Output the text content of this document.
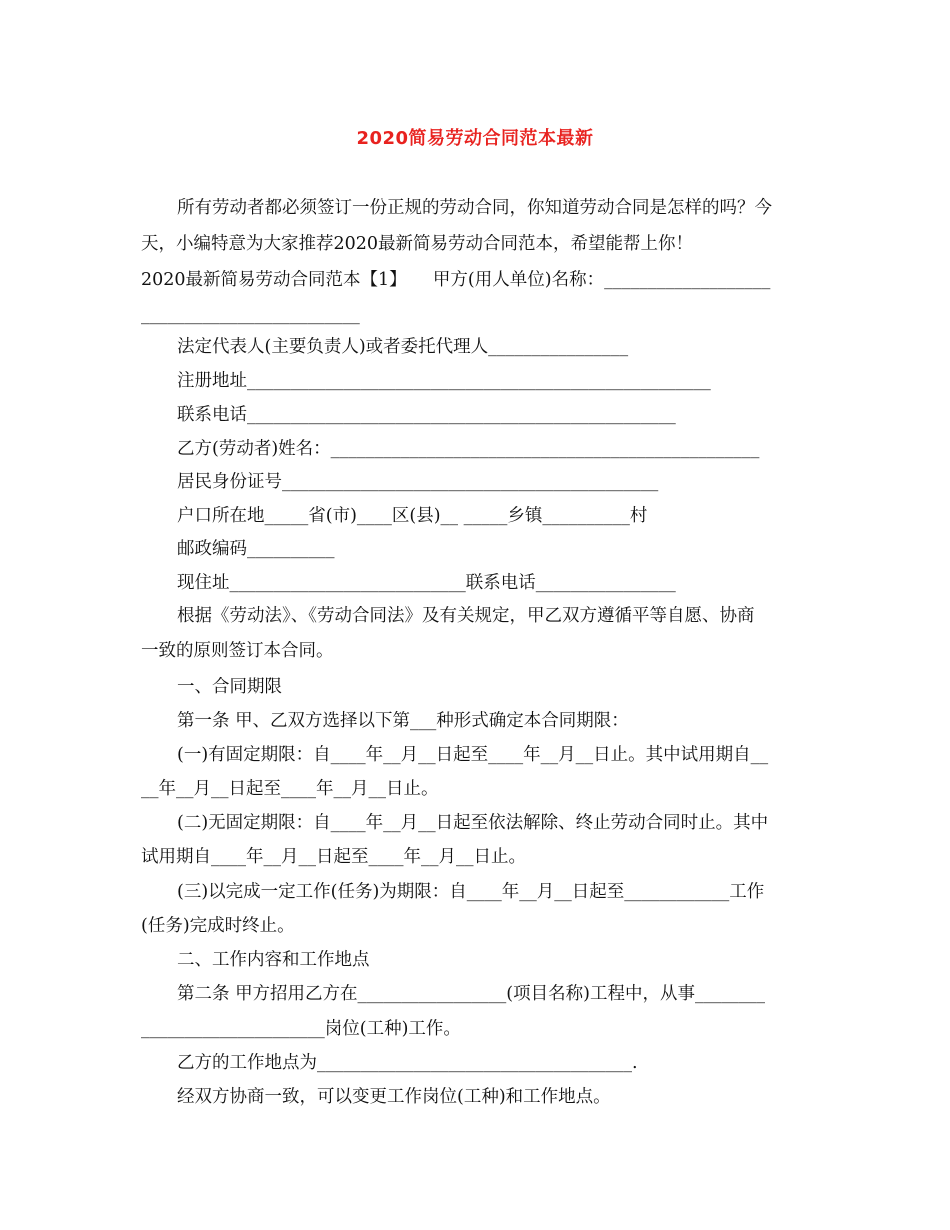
2020简易劳动合同范本最新
所有劳动者都必须签订一份正规的劳动合同，你知道劳动合同是怎样的吗？今
天，小编特意为大家推荐2020最新简易劳动合同范本，希望能帮上你！
2020最新简易劳动合同范本【1】　　甲方(用人单位)名称：___________________
_________________________
法定代表人(主要负责人)或者委托代理人________________
注册地址_____________________________________________________
联系电话_________________________________________________
乙方(劳动者)姓名：_________________________________________________
居民身份证号___________________________________________
户口所在地_____省(市)____区(县)__ _____乡镇__________村
邮政编码__________
现住址___________________________联系电话________________
根据《劳动法》、《劳动合同法》及有关规定，甲乙双方遵循平等自愿、协商
一致的原则签订本合同。
一、合同期限
第一条 甲、乙双方选择以下第___种形式确定本合同期限：
(一)有固定期限：自____年__月__日起至____年__月__日止。其中试用期自__
__年__月__日起至____年__月__日止。
(二)无固定期限：自____年__月__日起至依法解除、终止劳动合同时止。其中
试用期自____年__月__日起至____年__月__日止。
(三)以完成一定工作(任务)为期限：自____年__月__日起至____________工作
(任务)完成时终止。
二、工作内容和工作地点
第二条 甲方招用乙方在_________________(项目名称)工程中，从事________
_____________________岗位(工种)工作。
乙方的工作地点为____________________________________.
经双方协商一致，可以变更工作岗位(工种)和工作地点。
